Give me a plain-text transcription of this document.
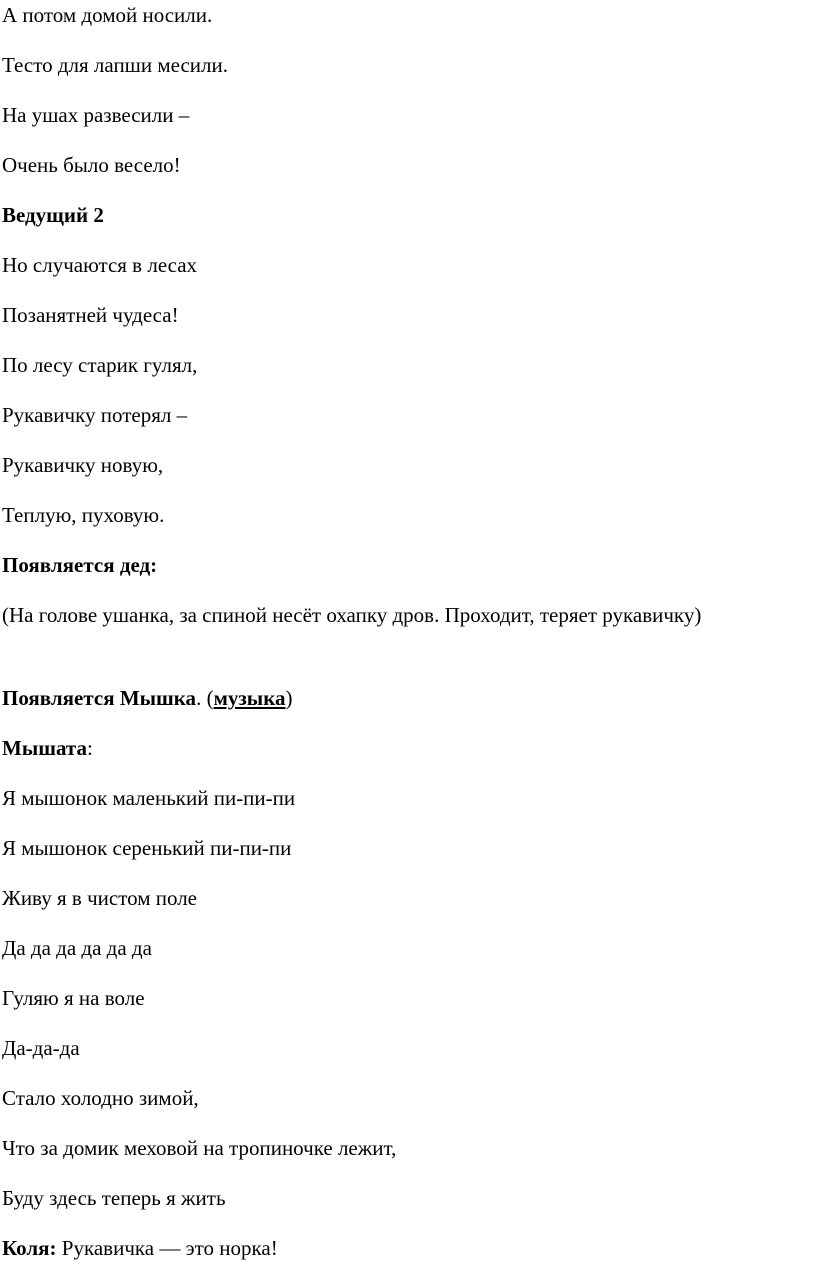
А потом домой носили.
Тесто для лапши месили.
На ушах развесили –
Очень было весело!
Ведущий 2
Но случаются в лесах
Позанятней чудеса!
По лесу старик гулял,
Рукавичку потерял –
Рукавичку новую,
Теплую, пуховую.
Появляется дед:
(На голове ушанка, за спиной несёт охапку дров. Проходит, теряет рукавичку)
Появляется Мышка. (музыка)
Мышата:
Я мышонок маленький пи-пи-пи
Я мышонок серенький пи-пи-пи
Живу я в чистом поле
Да да да да да да
Гуляю я на воле
Да-да-да
Стало холодно зимой,
Что за домик меховой на тропиночке лежит,
Буду здесь теперь я жить
Коля: Рукавичка — это норка!
